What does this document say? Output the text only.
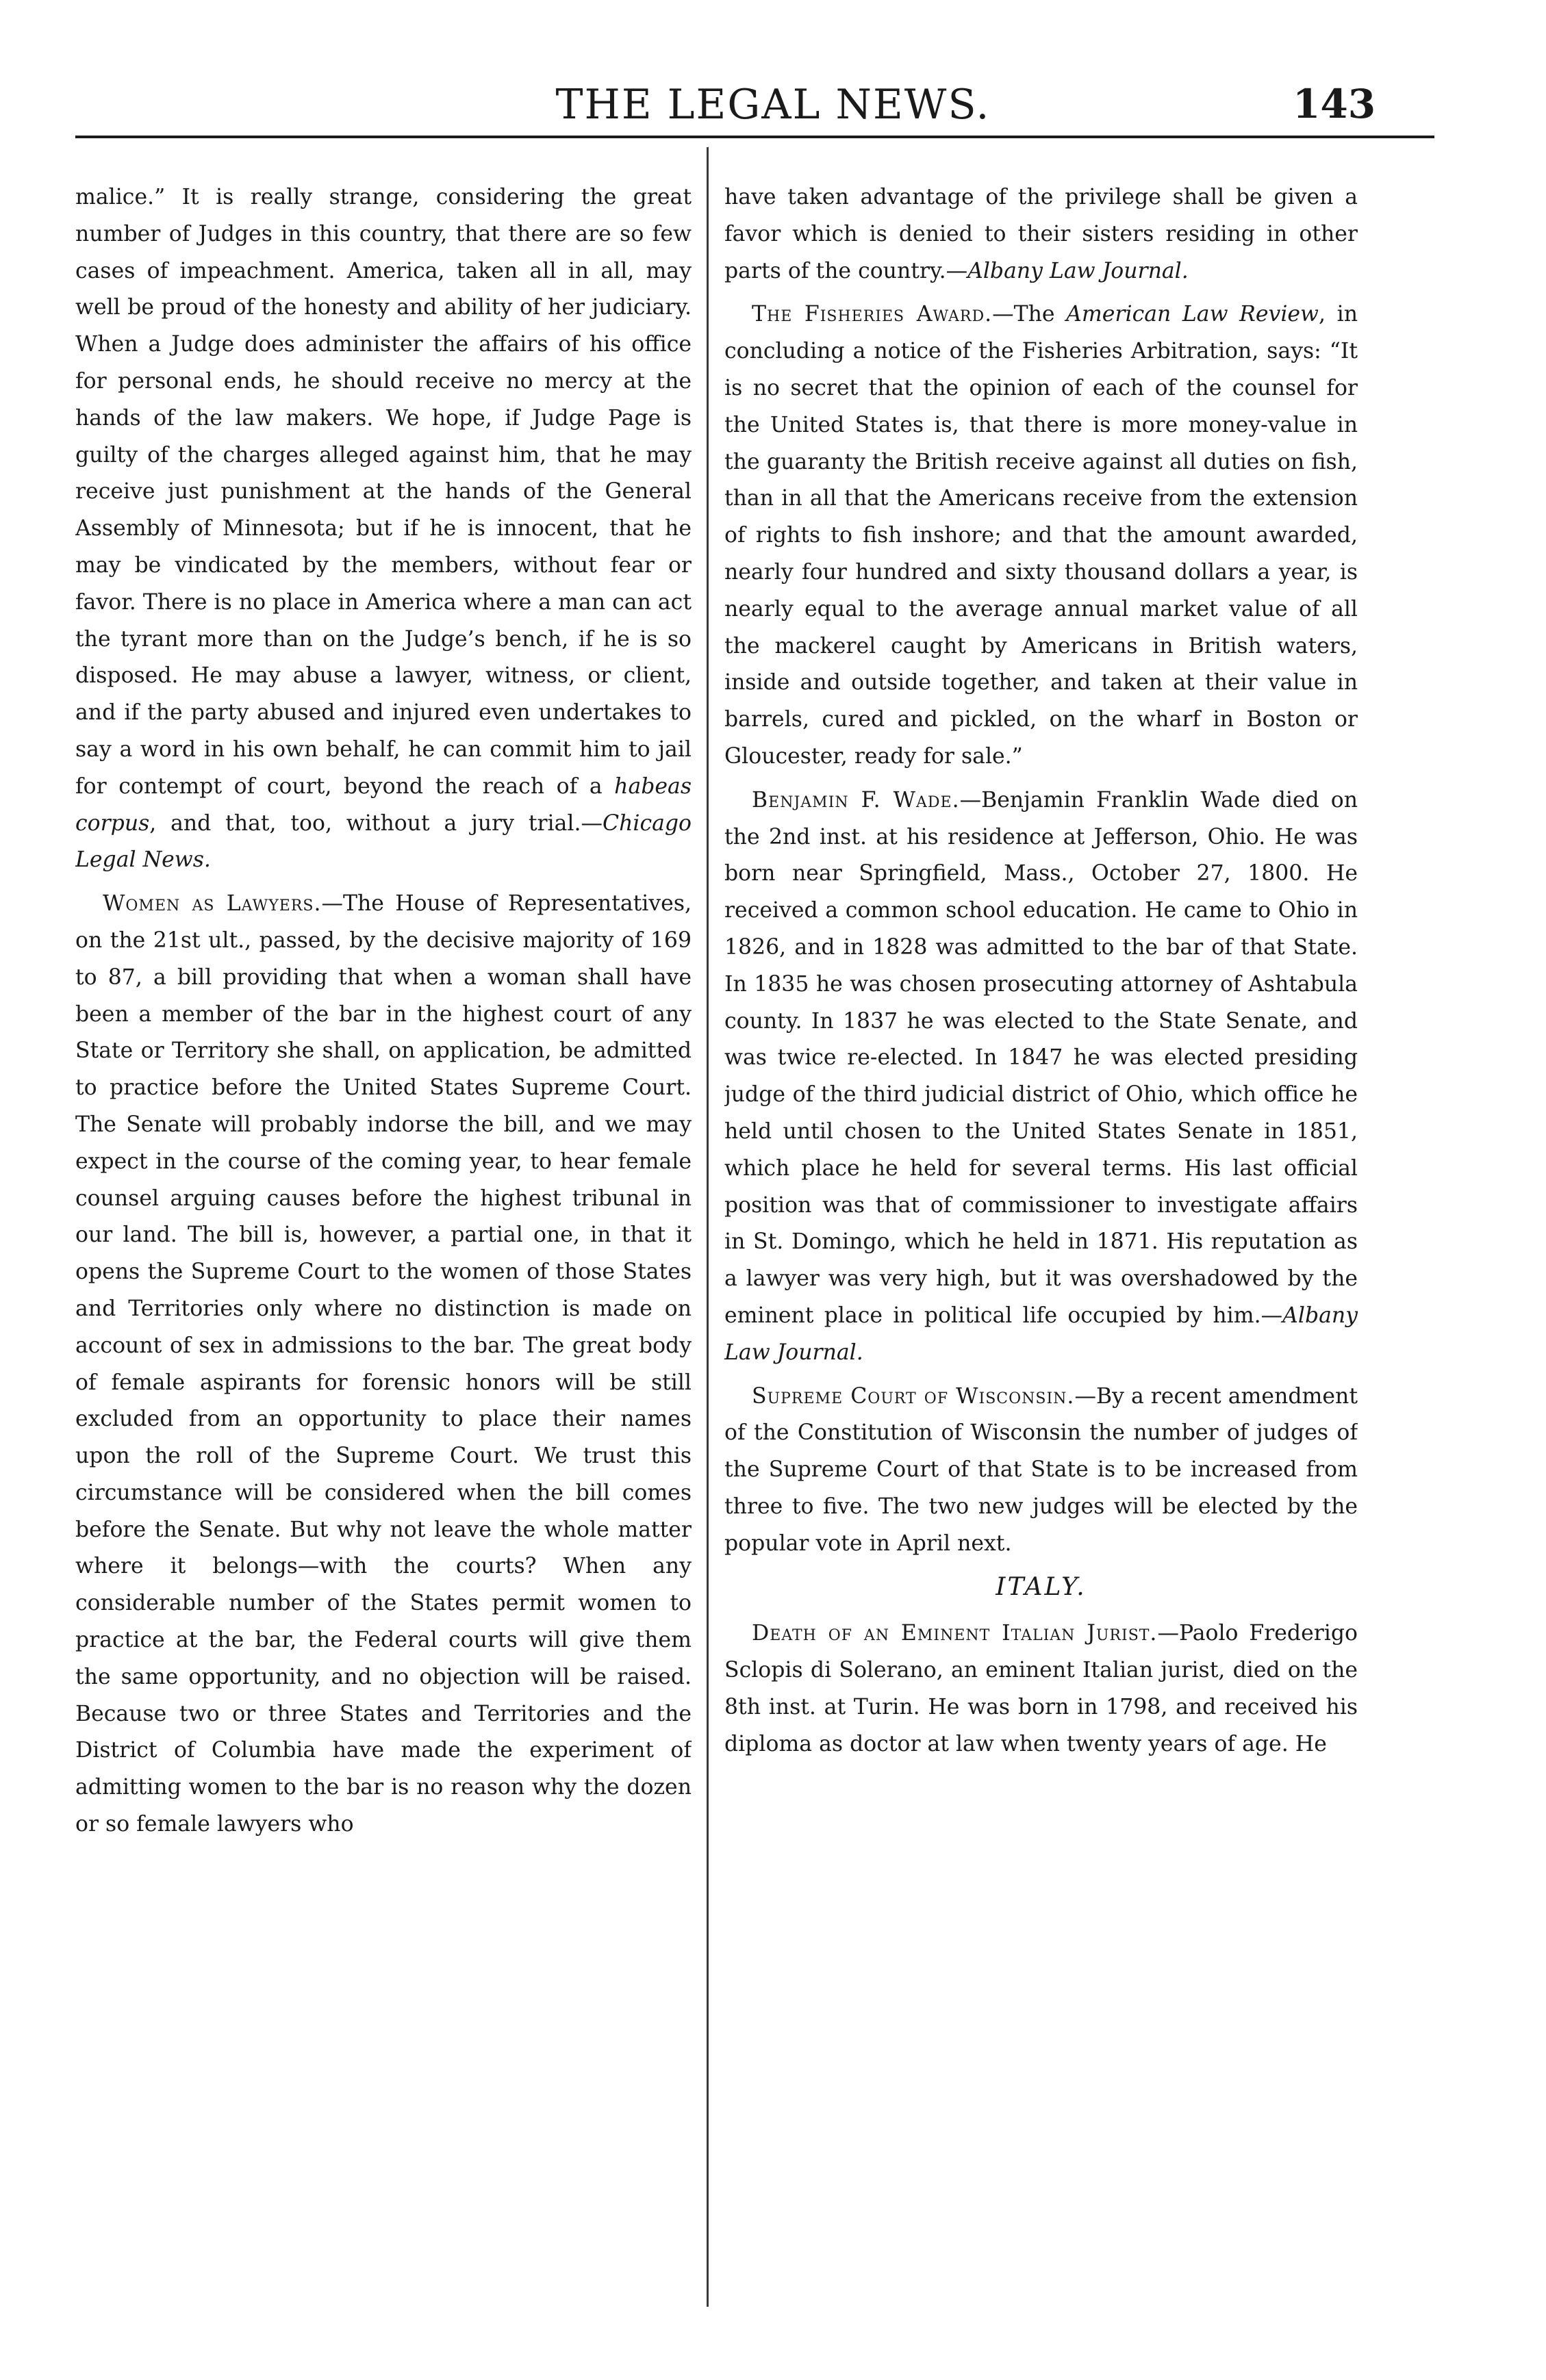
THE LEGAL NEWS.	143

malice.” It is really strange, considering the great number of Judges in this country, that there are so few cases of impeachment. America, taken all in all, may well be proud of the honesty and ability of her judiciary. When a Judge does administer the affairs of his office for personal ends, he should receive no mercy at the hands of the law makers. We hope, if Judge Page is guilty of the charges alleged against him, that he may receive just punishment at the hands of the General Assembly of Minnesota; but if he is innocent, that he may be vindicated by the members, without fear or favor. There is no place in America where a man can act the tyrant more than on the Judge’s bench, if he is so disposed. He may abuse a lawyer, witness, or client, and if the party abused and injured even undertakes to say a word in his own behalf, he can commit him to jail for contempt of court, beyond the reach of a habeas corpus, and that, too, without a jury trial.—Chicago Legal News.

Women as Lawyers.—The House of Representatives, on the 21st ult., passed, by the decisive majority of 169 to 87, a bill providing that when a woman shall have been a member of the bar in the highest court of any State or Territory she shall, on application, be admitted to practice before the United States Supreme Court. The Senate will probably indorse the bill, and we may expect in the course of the coming year, to hear female counsel arguing causes before the highest tribunal in our land. The bill is, however, a partial one, in that it opens the Supreme Court to the women of those States and Territories only where no distinction is made on account of sex in admissions to the bar. The great body of female aspirants for forensic honors will be still excluded from an opportunity to place their names upon the roll of the Supreme Court. We trust this circumstance will be considered when the bill comes before the Senate. But why not leave the whole matter where it belongs—with the courts? When any considerable number of the States permit women to practice at the bar, the Federal courts will give them the same opportunity, and no objection will be raised. Because two or three States and Territories and the District of Columbia have made the experiment of admitting women to the bar is no reason why the dozen or so female lawyers who

have taken advantage of the privilege shall be given a favor which is denied to their sisters residing in other parts of the country.—Albany Law Journal.

The Fisheries Award.—The American Law Review, in concluding a notice of the Fisheries Arbitration, says: “It is no secret that the opinion of each of the counsel for the United States is, that there is more money-value in the guaranty the British receive against all duties on fish, than in all that the Americans receive from the extension of rights to fish inshore; and that the amount awarded, nearly four hundred and sixty thousand dollars a year, is nearly equal to the average annual market value of all the mackerel caught by Americans in British waters, inside and outside together, and taken at their value in barrels, cured and pickled, on the wharf in Boston or Gloucester, ready for sale.”

Benjamin F. Wade.—Benjamin Franklin Wade died on the 2nd inst. at his residence at Jefferson, Ohio. He was born near Springfield, Mass., October 27, 1800. He received a common school education. He came to Ohio in 1826, and in 1828 was admitted to the bar of that State. In 1835 he was chosen prosecuting attorney of Ashtabula county. In 1837 he was elected to the State Senate, and was twice re-elected. In 1847 he was elected presiding judge of the third judicial district of Ohio, which office he held until chosen to the United States Senate in 1851, which place he held for several terms. His last official position was that of commissioner to investigate affairs in St. Domingo, which he held in 1871. His reputation as a lawyer was very high, but it was overshadowed by the eminent place in political life occupied by him.—Albany Law Journal.

Supreme Court of Wisconsin.—By a recent amendment of the Constitution of Wisconsin the number of judges of the Supreme Court of that State is to be increased from three to five. The two new judges will be elected by the popular vote in April next.

ITALY.

Death of an Eminent Italian Jurist.—Paolo Frederigo Sclopis di Solerano, an eminent Italian jurist, died on the 8th inst. at Turin. He was born in 1798, and received his diploma as doctor at law when twenty years of age. He
